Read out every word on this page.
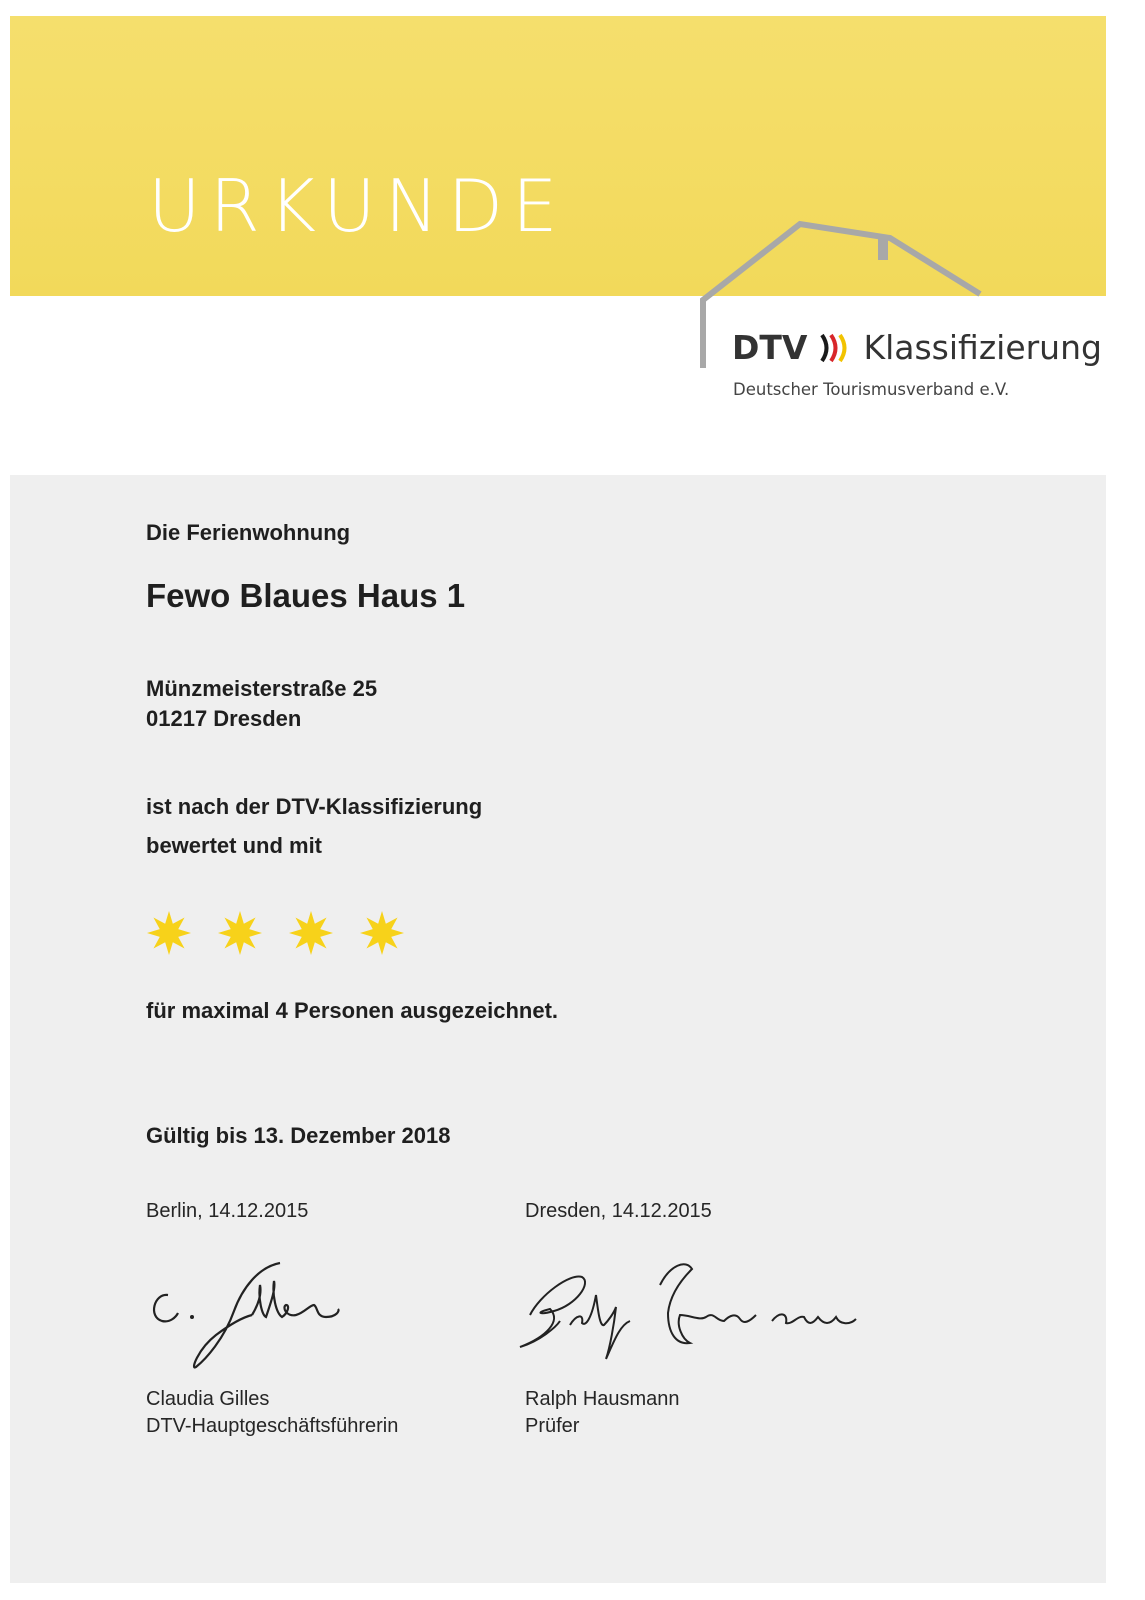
URKUNDE
DTV Klassifizierung
Deutscher Tourismusverband e.V.
Die Ferienwohnung
Fewo Blaues Haus 1
Münzmeisterstraße 25
01217 Dresden
ist nach der DTV-Klassifizierung
bewertet und mit
für maximal 4 Personen ausgezeichnet.
Gültig bis 13. Dezember 2018
Berlin, 14.12.2015	Dresden, 14.12.2015
Claudia Gilles
DTV-Hauptgeschäftsführerin
Ralph Hausmann
Prüfer
